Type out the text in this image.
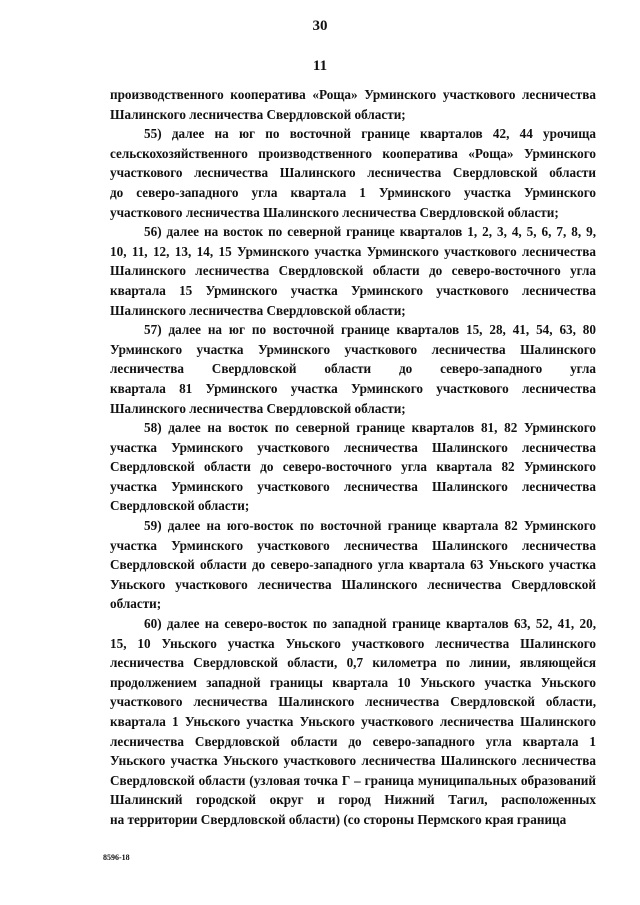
30
11
производственного кооператива «Роща» Урминского участкового лесничества
Шалинского лесничества Свердловской области;
55) далее на юг по восточной границе кварталов 42, 44 урочища
сельскохозяйственного производственного кооператива «Роща» Урминского
участкового лесничества Шалинского лесничества Свердловской области
до северо-западного угла квартала 1 Урминского участка Урминского
участкового лесничества Шалинского лесничества Свердловской области;
56) далее на восток по северной границе кварталов 1, 2, 3, 4, 5, 6, 7, 8, 9,
10, 11, 12, 13, 14, 15 Урминского участка Урминского участкового лесничества
Шалинского лесничества Свердловской области до северо-восточного угла
квартала 15 Урминского участка Урминского участкового лесничества
Шалинского лесничества Свердловской области;
57) далее на юг по восточной границе кварталов 15, 28, 41, 54, 63, 80
Урминского участка Урминского участкового лесничества Шалинского
лесничества Свердловской области до северо-западного угла
квартала 81 Урминского участка Урминского участкового лесничества
Шалинского лесничества Свердловской области;
58) далее на восток по северной границе кварталов 81, 82 Урминского
участка Урминского участкового лесничества Шалинского лесничества
Свердловской области до северо-восточного угла квартала 82 Урминского
участка Урминского участкового лесничества Шалинского лесничества
Свердловской области;
59) далее на юго-восток по восточной границе квартала 82 Урминского
участка Урминского участкового лесничества Шалинского лесничества
Свердловской области до северо-западного угла квартала 63 Уньского участка
Уньского участкового лесничества Шалинского лесничества Свердловской
области;
60) далее на северо-восток по западной границе кварталов 63, 52, 41, 20,
15, 10 Уньского участка Уньского участкового лесничества Шалинского
лесничества Свердловской области, 0,7 километра по линии, являющейся
продолжением западной границы квартала 10 Уньского участка Уньского
участкового лесничества Шалинского лесничества Свердловской области,
квартала 1 Уньского участка Уньского участкового лесничества Шалинского
лесничества Свердловской области до северо-западного угла квартала 1
Уньского участка Уньского участкового лесничества Шалинского лесничества
Свердловской области (узловая точка Г – граница муниципальных образований
Шалинский городской округ и город Нижний Тагил, расположенных
на территории Свердловской области) (со стороны Пермского края граница
8596-18
